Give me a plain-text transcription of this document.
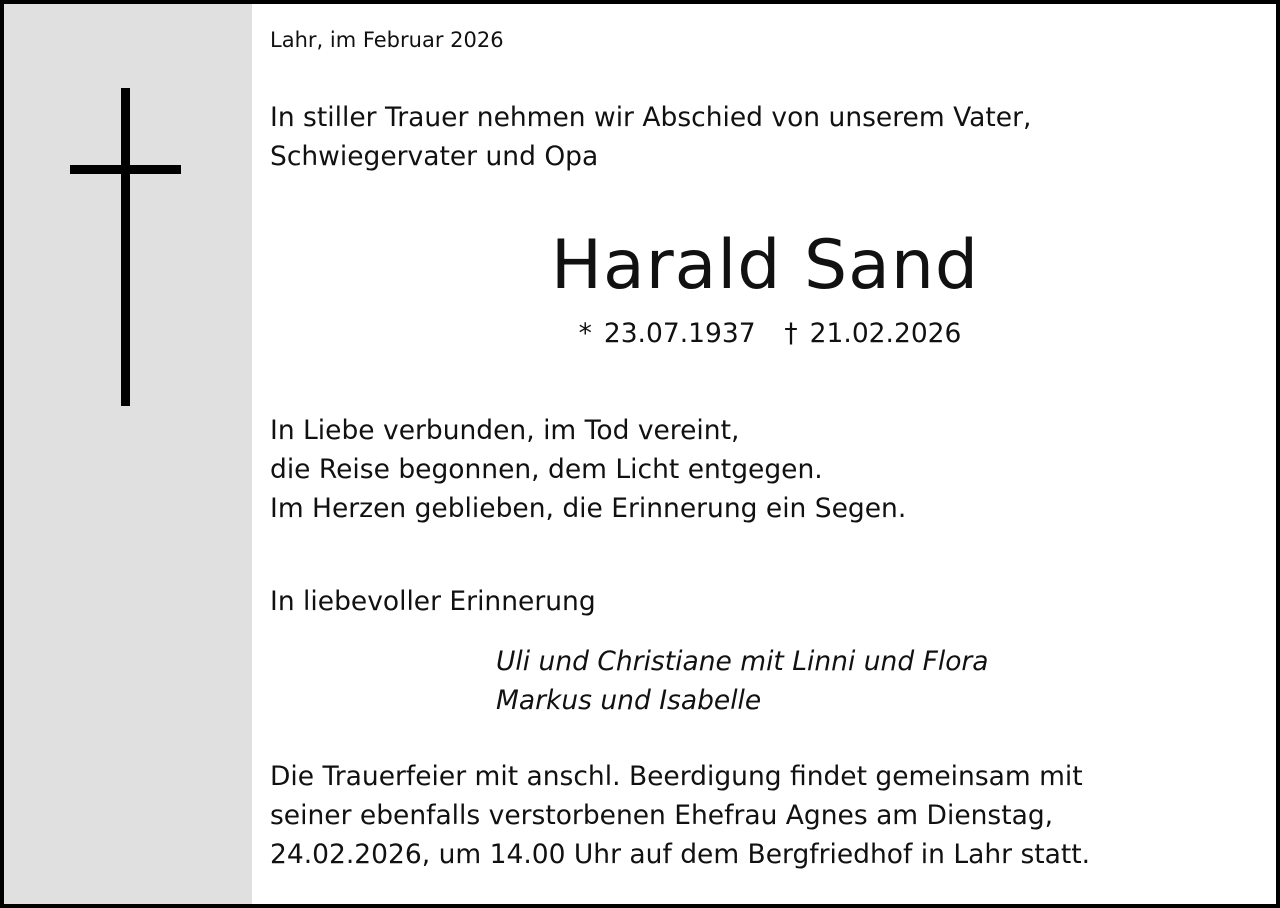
Lahr, im Februar 2026
In stiller Trauer nehmen wir Abschied von unserem Vater,
Schwiegervater und Opa
Harald Sand
* 23.07.1937 † 21.02.2026
In Liebe verbunden, im Tod vereint,
die Reise begonnen, dem Licht entgegen.
Im Herzen geblieben, die Erinnerung ein Segen.
In liebevoller Erinnerung
Uli und Christiane mit Linni und Flora
Markus und Isabelle
Die Trauerfeier mit anschl. Beerdigung findet gemeinsam mit
seiner ebenfalls verstorbenen Ehefrau Agnes am Dienstag,
24.02.2026, um 14.00 Uhr auf dem Bergfriedhof in Lahr statt.
